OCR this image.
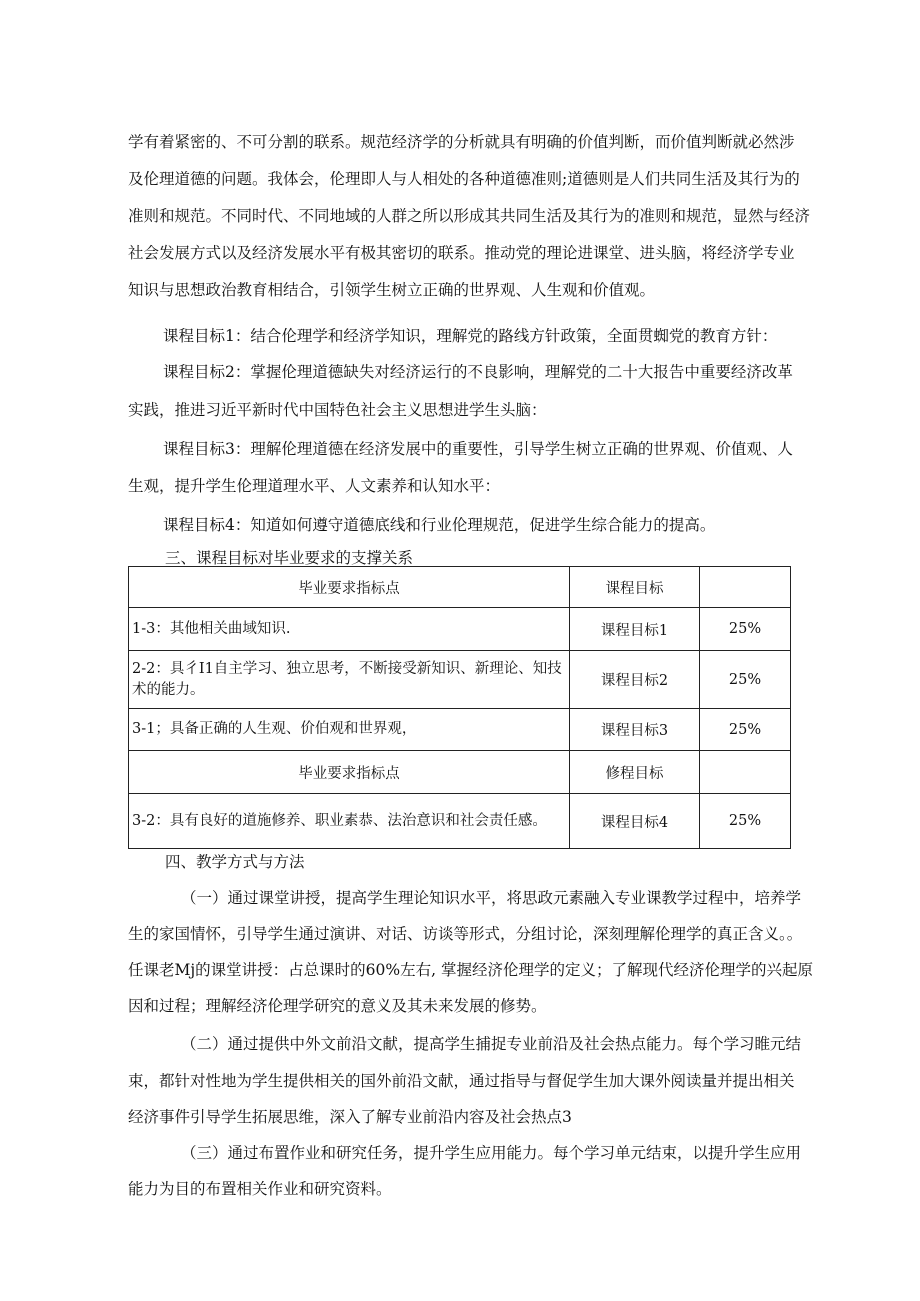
学有着紧密的、不可分割的联系。规范经济学的分析就具有明确的价值判断，而价值判断就必然涉
及伦理道德的问题。我体会，伦理即人与人相处的各种道德准则;道德则是人们共同生活及其行为的
准则和规范。不同时代、不同地域的人群之所以形成其共同生活及其行为的准则和规范，显然与经济
社会发展方式以及经济发展水平有极其密切的联系。推动党的理论进课堂、进头脑，将经济学专业
知识与思想政治教育相结合，引领学生树立正确的世界观、人生观和价值观。
课程目标1：结合伦理学和经济学知识，理解党的路线方针政策，全面贯蜘党的教育方针：
课程目标2：掌握伦理道德缺失对经济运行的不良影响，理解党的二十大报告中重要经济改革
实践，推进习近平新时代中国特色社会主义思想进学生头脑：
课程目标3：理解伦理道德在经济发展中的重要性，引导学生树立正确的世界观、价值观、人
生观，提升学生伦理道理水平、人文素养和认知水平：
课程目标4：知道如何遵守道德底线和行业伦理规范，促进学生综合能力的提高。
三、课程目标对毕业要求的支撑关系
毕业要求指标点	课程目标	
1-3：其他相关曲域知识.	课程目标1	25%
2-2：具彳I1自主学习、独立思考，不断接受新知识、新理论、知技术的能力。	课程目标2	25%
3-1；具备正确的人生观、价伯观和世界观，	课程目标3	25%
毕业要求指标点	修程目标	
3-2：具有良好的道施修养、职业素恭、法治意识和社会责任感。	课程目标4	25%
四、教学方式与方法
（一）通过课堂讲授，提高学生理论知识水平，将思政元素融入专业课教学过程中，培养学
生的家国情怀，引导学生通过演讲、对话、访谈等形式，分组讨论，深刻理解伦理学的真正含义。。
任课老Mj的课堂讲授：占总课时的60%左右, 掌握经济伦理学的定义；了解现代经济伦理学的兴起原
因和过程；理解经济伦理学研究的意义及其未来发展的修势。
（二）通过提供中外文前沿文献，提高学生捕捉专业前沿及社会热点能力。每个学习睢元结
束，都针对性地为学生提供相关的国外前沿文献，通过指导与督促学生加大课外阅读量并提出相关
经济事件引导学生拓展思维，深入了解专业前沿内容及社会热点3
（三）通过布置作业和研究任务，提升学生应用能力。每个学习单元结束，以提升学生应用
能力为目的布置相关作业和研究资料。
